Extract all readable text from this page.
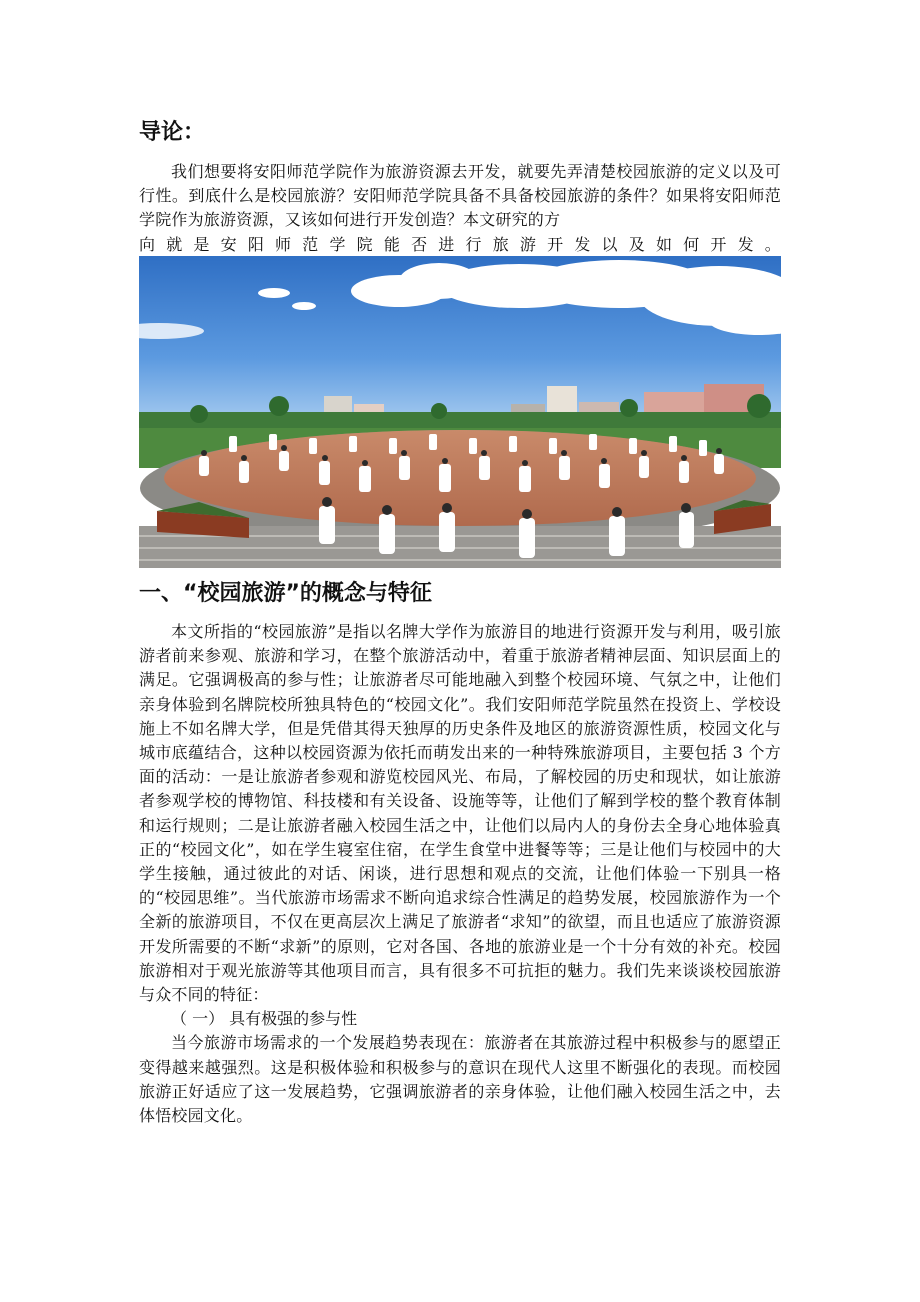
导论：

我们想要将安阳师范学院作为旅游资源去开发，就要先弄清楚校园旅游的定义以及可行性。到底什么是校园旅游？安阳师范学院具备不具备校园旅游的条件？如果将安阳师范学院作为旅游资源，又该如何进行开发创造？本文研究的方

向就是安阳师范学院能否进行旅游开发以及如何开发。

一、“校园旅游”的概念与特征

本文所指的“校园旅游”是指以名牌大学作为旅游目的地进行资源开发与利用，吸引旅游者前来参观、旅游和学习，在整个旅游活动中，着重于旅游者精神层面、知识层面上的满足。它强调极高的参与性；让旅游者尽可能地融入到整个校园环境、气氛之中，让他们亲身体验到名牌院校所独具特色的“校园文化”。我们安阳师范学院虽然在投资上、学校设施上不如名牌大学，但是凭借其得天独厚的历史条件及地区的旅游资源性质，校园文化与城市底蕴结合，这种以校园资源为依托而萌发出来的一种特殊旅游项目，主要包括 3 个方面的活动：一是让旅游者参观和游览校园风光、布局，了解校园的历史和现状，如让旅游者参观学校的博物馆、科技楼和有关设备、设施等等，让他们了解到学校的整个教育体制和运行规则；二是让旅游者融入校园生活之中，让他们以局内人的身份去全身心地体验真正的“校园文化”，如在学生寝室住宿，在学生食堂中进餐等等；三是让他们与校园中的大学生接触，通过彼此的对话、闲谈，进行思想和观点的交流，让他们体验一下别具一格的“校园思维”。当代旅游市场需求不断向追求综合性满足的趋势发展，校园旅游作为一个全新的旅游项目，不仅在更高层次上满足了旅游者“求知”的欲望，而且也适应了旅游资源开发所需要的不断“求新”的原则，它对各国、各地的旅游业是一个十分有效的补充。校园旅游相对于观光旅游等其他项目而言，具有很多不可抗拒的魅力。我们先来谈谈校园旅游与众不同的特征：

（ 一） 具有极强的参与性

当今旅游市场需求的一个发展趋势表现在：旅游者在其旅游过程中积极参与的愿望正变得越来越强烈。这是积极体验和积极参与的意识在现代人这里不断强化的表现。而校园旅游正好适应了这一发展趋势，它强调旅游者的亲身体验，让他们融入校园生活之中，去体悟校园文化。
